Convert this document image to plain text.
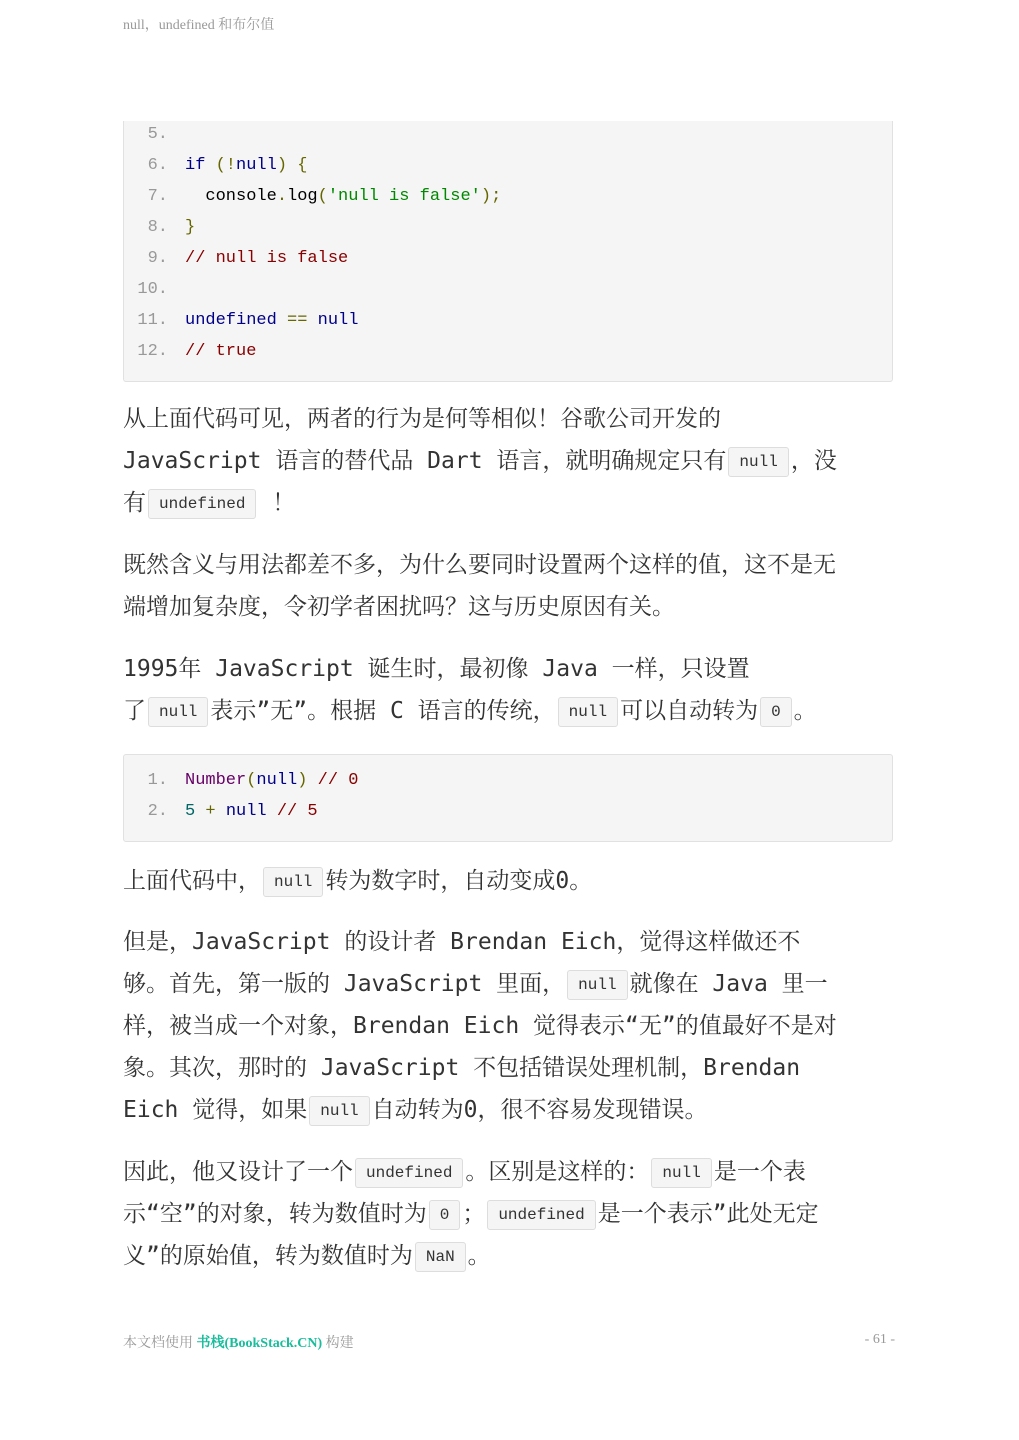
null，undefined 和布尔值
5.
6. if (!null) {
7.  console.log('null is false');
8. }
9. // null is false
10.
11. undefined == null
12. // true
从上面代码可见，两者的行为是何等相似！谷歌公司开发的
JavaScript 语言的替代品 Dart 语言，就明确规定只有 null ，没
有 undefined ！
既然含义与用法都差不多，为什么要同时设置两个这样的值，这不是无
端增加复杂度，令初学者困扰吗？这与历史原因有关。
1995年 JavaScript 诞生时，最初像 Java 一样，只设置
了 null 表示”无”。根据 C 语言的传统， null 可以自动转为 0 。
1. Number(null) // 0
2. 5 + null // 5
上面代码中， null 转为数字时，自动变成0。
但是，JavaScript 的设计者 Brendan Eich，觉得这样做还不
够。首先，第一版的 JavaScript 里面， null 就像在 Java 里一
样，被当成一个对象，Brendan Eich 觉得表示“无”的值最好不是对
象。其次，那时的 JavaScript 不包括错误处理机制，Brendan
Eich 觉得，如果 null 自动转为0，很不容易发现错误。
因此，他又设计了一个 undefined 。区别是这样的： null 是一个表
示“空”的对象，转为数值时为 0 ； undefined 是一个表示”此处无定
义”的原始值，转为数值时为 NaN 。
本文档使用 书栈(BookStack.CN) 构建	- 61 -
